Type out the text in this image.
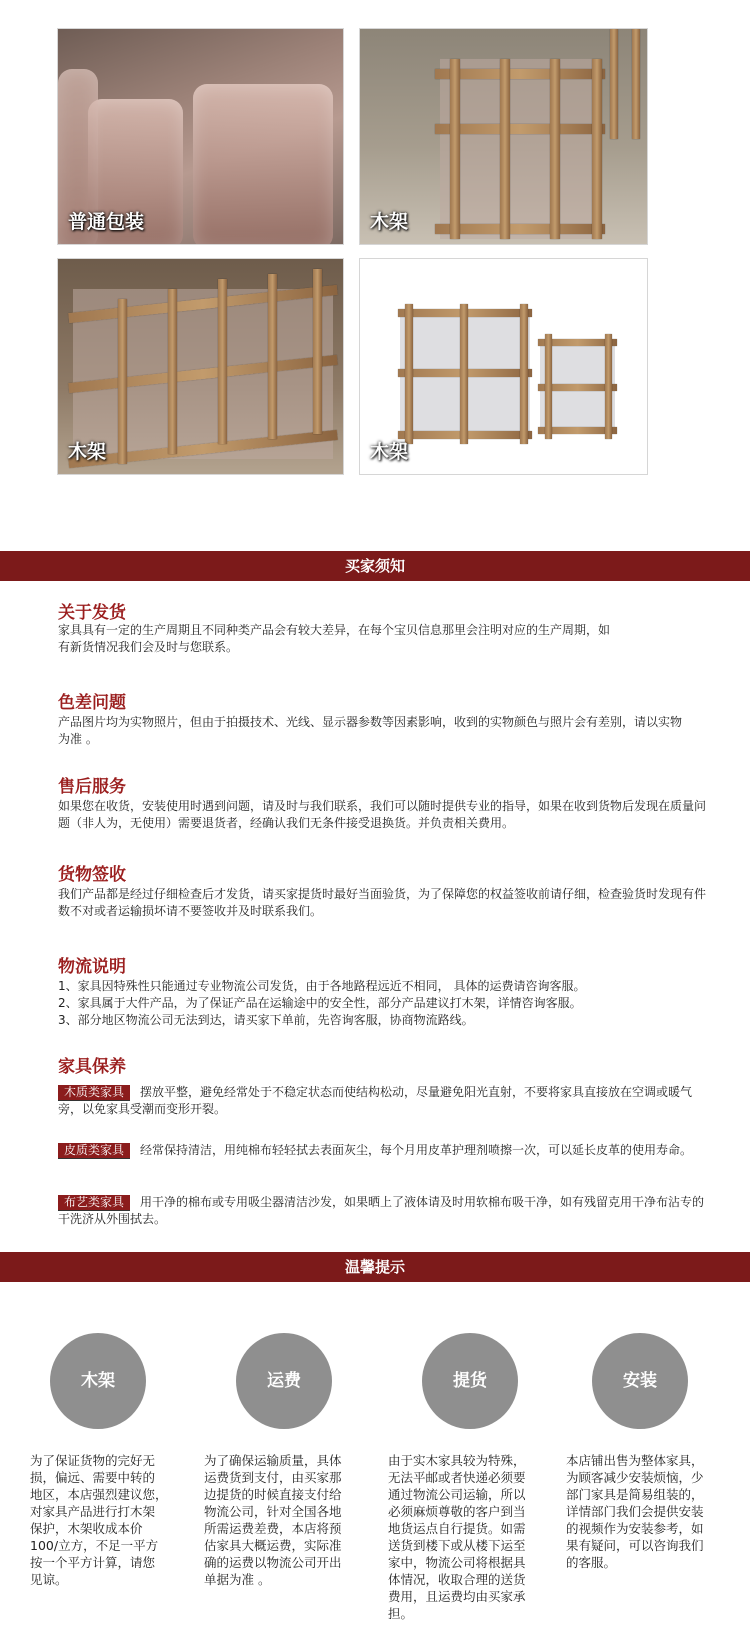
普通包装	木架
木架	木架
买家须知
关于发货
家具具有一定的生产周期且不同种类产品会有较大差异，在每个宝贝信息那里会注明对应的生产周期，如有新货情况我们会及时与您联系。
色差问题
产品图片均为实物照片，但由于拍摄技术、光线、显示器参数等因素影响，收到的实物颜色与照片会有差别，请以实物为准 。
售后服务
如果您在收货，安装使用时遇到问题，请及时与我们联系，我们可以随时提供专业的指导，如果在收到货物后发现在质量问题（非人为，无使用）需要退货者，经确认我们无条件接受退换货。并负责相关费用。
货物签收
我们产品都是经过仔细检查后才发货，请买家提货时最好当面验货，为了保障您的权益签收前请仔细，检查验货时发现有件数不对或者运输损坏请不要签收并及时联系我们。
物流说明
1、家具因特殊性只能通过专业物流公司发货，由于各地路程远近不相同， 具体的运费请咨询客服。
2、家具属于大件产品，为了保证产品在运输途中的安全性，部分产品建议打木架，详情咨询客服。
3、部分地区物流公司无法到达，请买家下单前，先咨询客服，协商物流路线。
家具保养
木质类家具 摆放平整，避免经常处于不稳定状态而使结构松动，尽量避免阳光直射，不要将家具直接放在空调或暖气旁，以免家具受潮而变形开裂。
皮质类家具 经常保持清洁，用纯棉布轻轻拭去表面灰尘，每个月用皮革护理剂喷擦一次，可以延长皮革的使用寿命。
布艺类家具 用干净的棉布或专用吸尘器清洁沙发，如果晒上了液体请及时用软棉布吸干净，如有残留克用干净布沾专的干洗济从外围拭去。
温馨提示
木架	运费	提货	安装
为了保证货物的完好无
损，偏远、需要中转的
地区，本店强烈建议您，
对家具产品进行打木架
保护，木架收成本价
100/立方，不足一平方
按一个平方计算，请您
见谅。
为了确保运输质量，具体
运费货到支付，由买家那
边提货的时候直接支付给
物流公司，针对全国各地
所需运费差费，本店将预
估家具大概运费，实际准
确的运费以物流公司开出
单据为准 。
由于实木家具较为特殊，
无法平邮或者快递必须要
通过物流公司运输，所以
必须麻烦尊敬的客户到当
地货运点自行提货。如需
送货到楼下或从楼下运至
家中，物流公司将根据具
体情况，收取合理的送货
费用，且运费均由买家承
担。
本店铺出售为整体家具，
为顾客减少安装烦恼，少
部门家具是简易组装的，
详情部门我们会提供安装
的视频作为安装参考，如
果有疑问，可以咨询我们
的客服。
